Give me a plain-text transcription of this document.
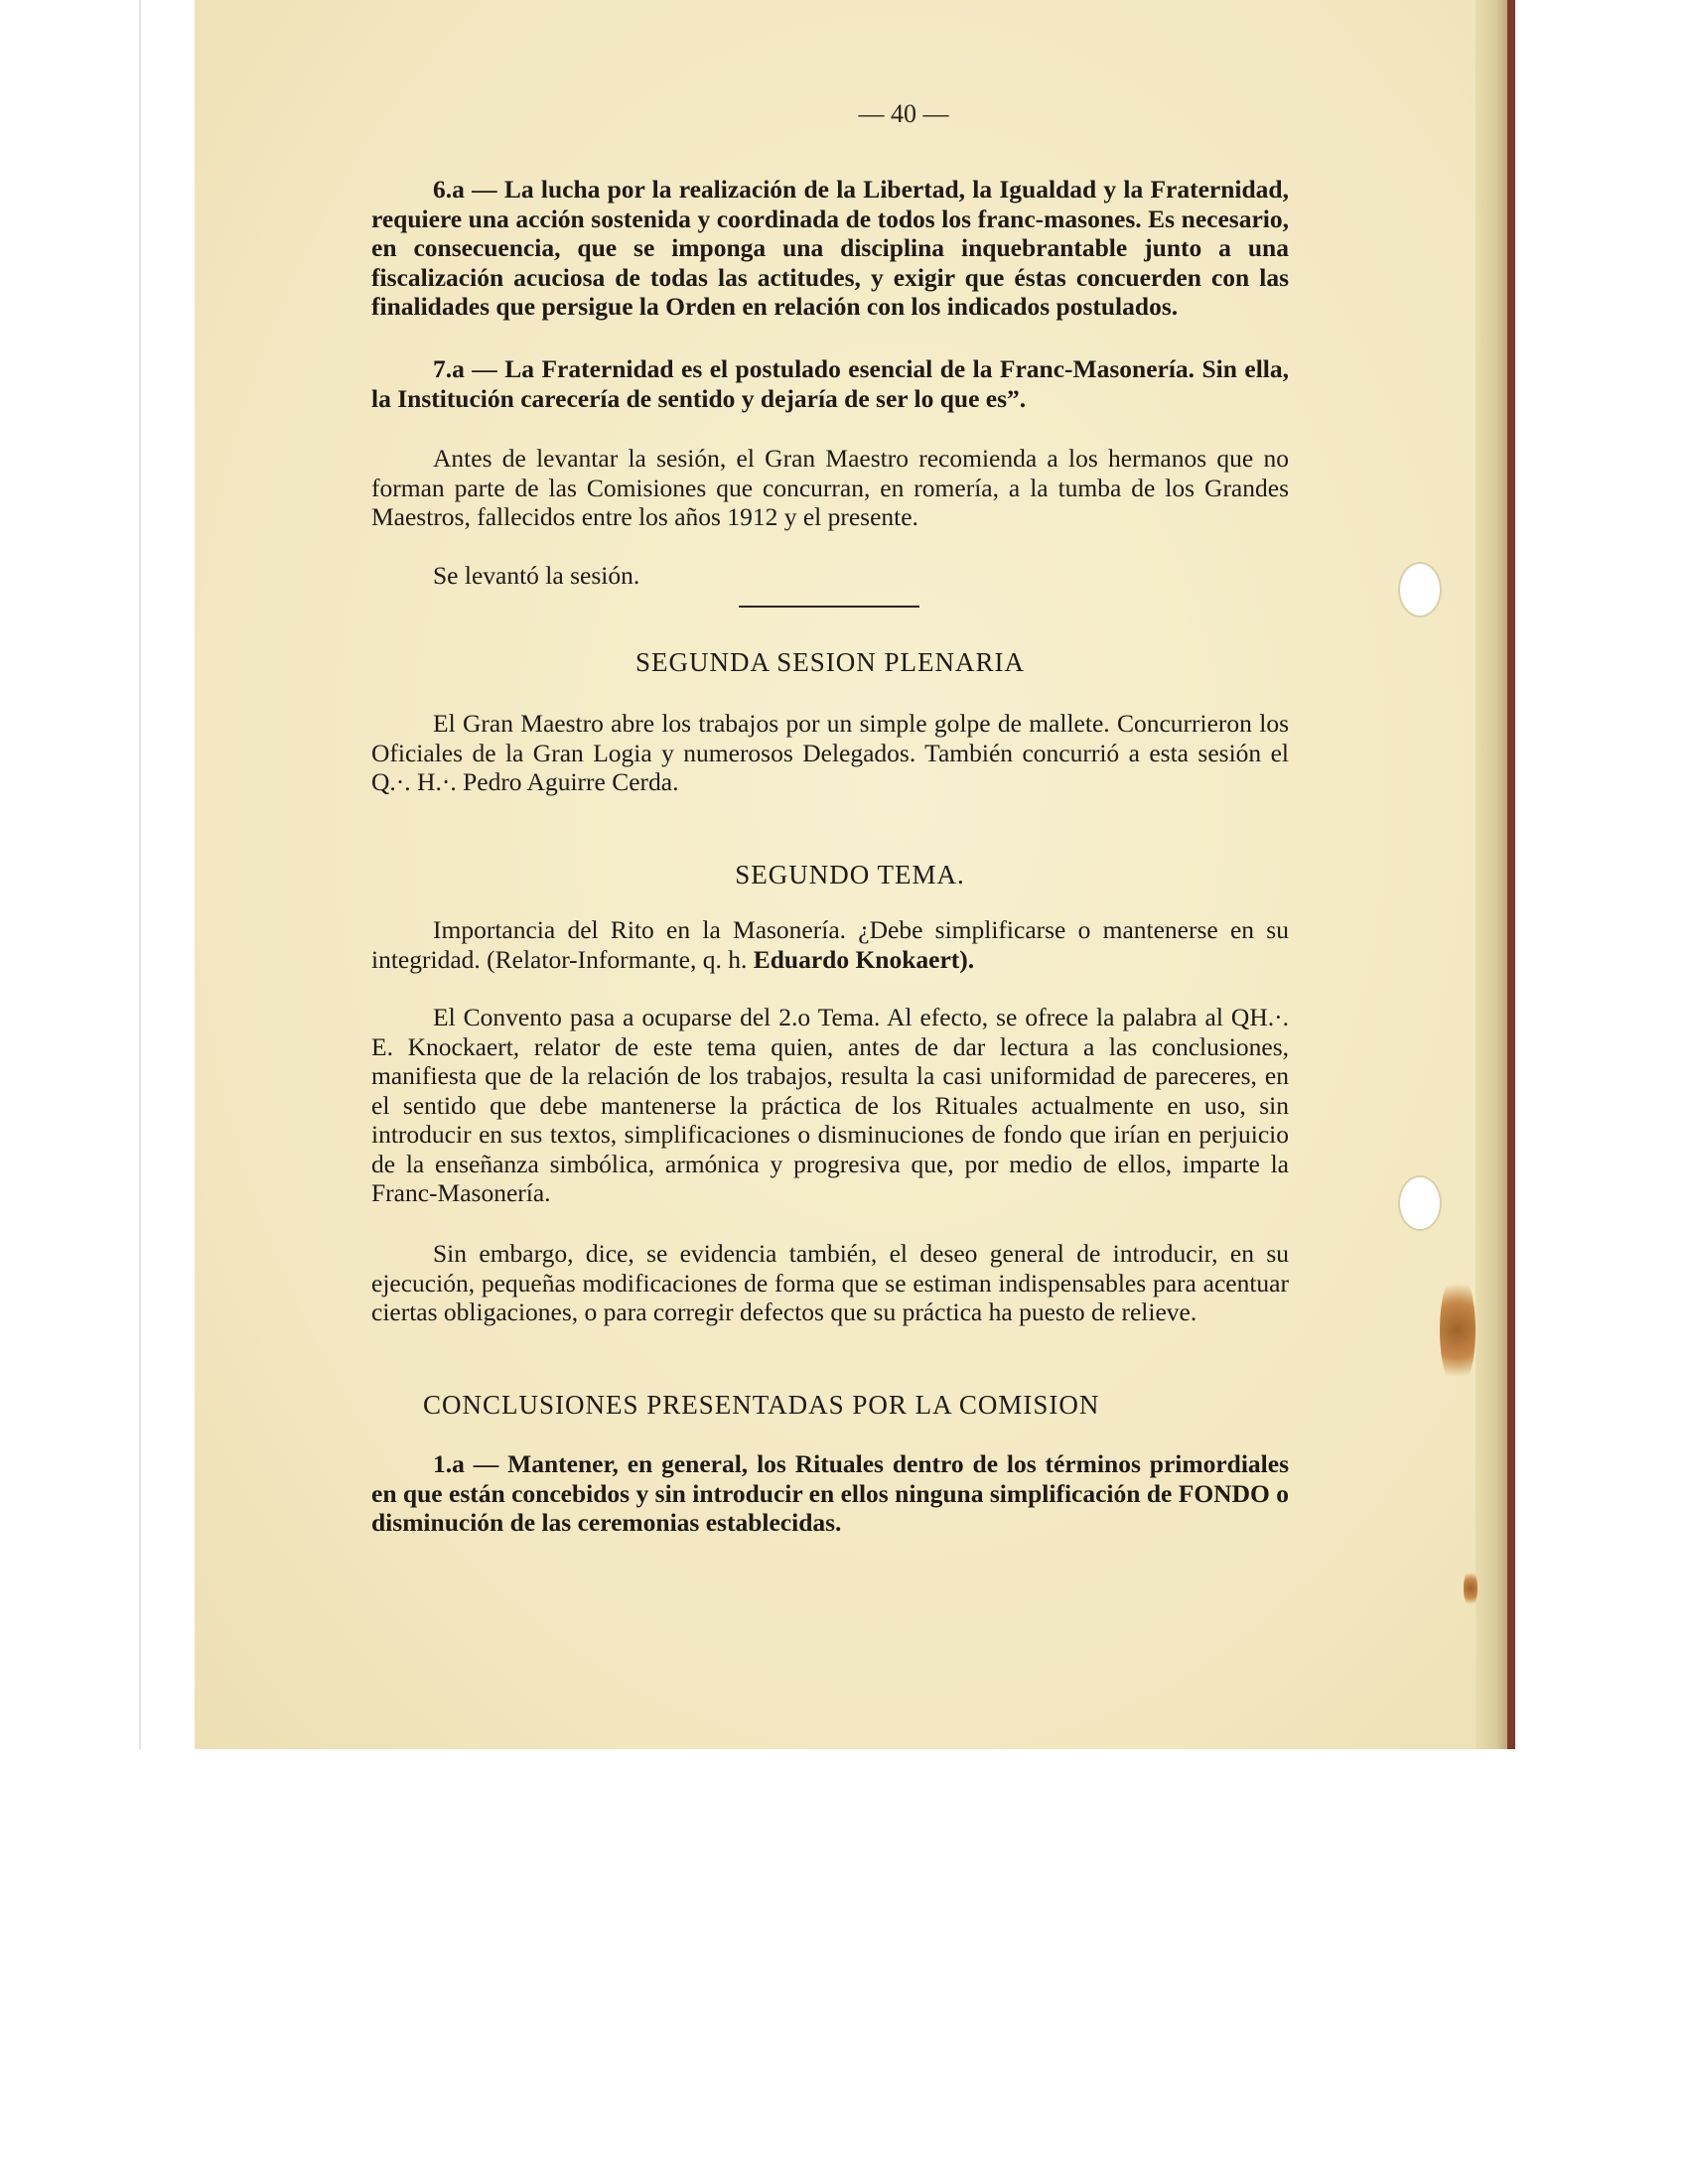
— 40 —

6.a — La lucha por la realización de la Libertad, la Igualdad y la Fraternidad, requiere una acción sostenida y coordinada de todos los franc-masones. Es necesario, en consecuencia, que se imponga una disciplina inquebrantable junto a una fiscalización acuciosa de todas las actitudes, y exigir que éstas concuerden con las finalidades que persigue la Orden en relación con los indicados postulados.

7.a — La Fraternidad es el postulado esencial de la Franc-Masonería. Sin ella, la Institución carecería de sentido y dejaría de ser lo que es”.

Antes de levantar la sesión, el Gran Maestro recomienda a los hermanos que no forman parte de las Comisiones que concurran, en romería, a la tumba de los Grandes Maestros, fallecidos entre los años 1912 y el presente.

Se levantó la sesión.

SEGUNDA SESION PLENARIA

El Gran Maestro abre los trabajos por un simple golpe de mallete. Concurrieron los Oficiales de la Gran Logia y numerosos Delegados. También concurrió a esta sesión el Q.·. H.·. Pedro Aguirre Cerda.

SEGUNDO TEMA.

Importancia del Rito en la Masonería. ¿Debe simplificarse o mantenerse en su integridad. (Relator-Informante, q. h. Eduardo Knokaert).

El Convento pasa a ocuparse del 2.o Tema. Al efecto, se ofrece la palabra al QH.·. E. Knockaert, relator de este tema quien, antes de dar lectura a las conclusiones, manifiesta que de la relación de los trabajos, resulta la casi uniformidad de pareceres, en el sentido que debe mantenerse la práctica de los Rituales actualmente en uso, sin introducir en sus textos, simplificaciones o disminuciones de fondo que irían en perjuicio de la enseñanza simbólica, armónica y progresiva que, por medio de ellos, imparte la Franc-Masonería.

Sin embargo, dice, se evidencia también, el deseo general de introducir, en su ejecución, pequeñas modificaciones de forma que se estiman indispensables para acentuar ciertas obligaciones, o para corregir defectos que su práctica ha puesto de relieve.

CONCLUSIONES PRESENTADAS POR LA COMISION

1.a — Mantener, en general, los Rituales dentro de los términos primordiales en que están concebidos y sin introducir en ellos ninguna simplificación de FONDO o disminución de las ceremonias establecidas.
